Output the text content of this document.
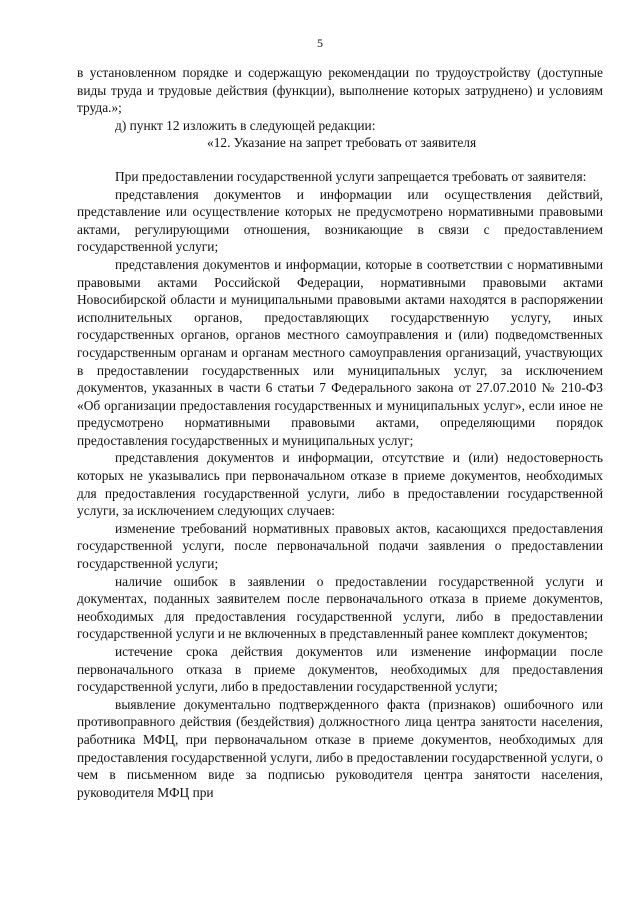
5

в установленном порядке и содержащую рекомендации по трудоустройству (доступные виды труда и трудовые действия (функции), выполнение которых затруднено) и условиям труда.»;

д) пункт 12 изложить в следующей редакции:

«12. Указание на запрет требовать от заявителя

При предоставлении государственной услуги запрещается требовать от заявителя:

представления документов и информации или осуществления действий, представление или осуществление которых не предусмотрено нормативными правовыми актами, регулирующими отношения, возникающие в связи с предоставлением государственной услуги;

представления документов и информации, которые в соответствии с нормативными правовыми актами Российской Федерации, нормативными правовыми актами Новосибирской области и муниципальными правовыми актами находятся в распоряжении исполнительных органов, предоставляющих государственную услугу, иных государственных органов, органов местного самоуправления и (или) подведомственных государственным органам и органам местного самоуправления организаций, участвующих в предоставлении государственных или муниципальных услуг, за исключением документов, указанных в части 6 статьи 7 Федерального закона от 27.07.2010 № 210-ФЗ «Об организации предоставления государственных и муниципальных услуг», если иное не предусмотрено нормативными правовыми актами, определяющими порядок предоставления государственных и муниципальных услуг;

представления документов и информации, отсутствие и (или) недостоверность которых не указывались при первоначальном отказе в приеме документов, необходимых для предоставления государственной услуги, либо в предоставлении государственной услуги, за исключением следующих случаев:

изменение требований нормативных правовых актов, касающихся предоставления государственной услуги, после первоначальной подачи заявления о предоставлении государственной услуги;

наличие ошибок в заявлении о предоставлении государственной услуги и документах, поданных заявителем после первоначального отказа в приеме документов, необходимых для предоставления государственной услуги, либо в предоставлении государственной услуги и не включенных в представленный ранее комплект документов;

истечение срока действия документов или изменение информации после первоначального отказа в приеме документов, необходимых для предоставления государственной услуги, либо в предоставлении государственной услуги;

выявление документально подтвержденного факта (признаков) ошибочного или противоправного действия (бездействия) должностного лица центра занятости населения, работника МФЦ, при первоначальном отказе в приеме документов, необходимых для предоставления государственной услуги, либо в предоставлении государственной услуги, о чем в письменном виде за подписью руководителя центра занятости населения, руководителя МФЦ при
